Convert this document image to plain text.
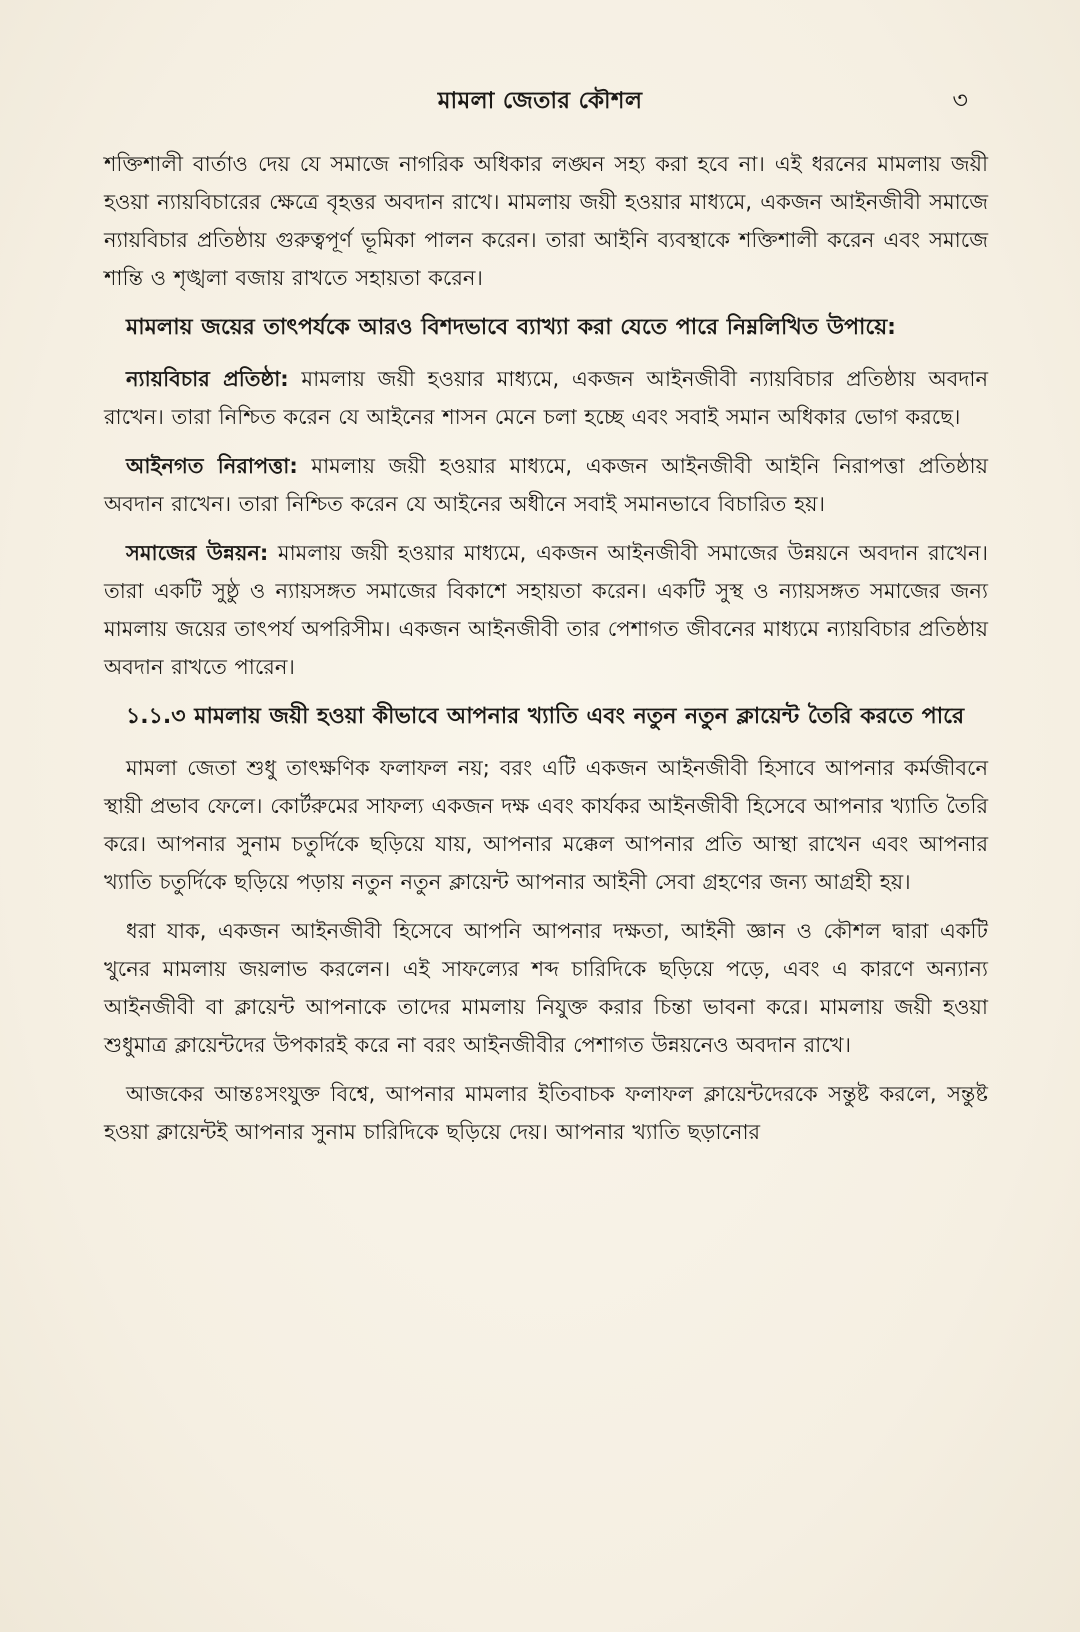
মামলা জেতার কৌশল	৩

শক্তিশালী বার্তাও দেয় যে সমাজে নাগরিক অধিকার লঙ্ঘন সহ্য করা হবে না। এই ধরনের মামলায় জয়ী হওয়া ন্যায়বিচারের ক্ষেত্রে বৃহত্তর অবদান রাখে। মামলায় জয়ী হওয়ার মাধ্যমে, একজন আইনজীবী সমাজে ন্যায়বিচার প্রতিষ্ঠায় গুরুত্বপূর্ণ ভূমিকা পালন করেন। তারা আইনি ব্যবস্থাকে শক্তিশালী করেন এবং সমাজে শান্তি ও শৃঙ্খলা বজায় রাখতে সহায়তা করেন।

মামলায় জয়ের তাৎপর্যকে আরও বিশদভাবে ব্যাখ্যা করা যেতে পারে নিম্নলিখিত উপায়ে:

ন্যায়বিচার প্রতিষ্ঠা: মামলায় জয়ী হওয়ার মাধ্যমে, একজন আইনজীবী ন্যায়বিচার প্রতিষ্ঠায় অবদান রাখেন। তারা নিশ্চিত করেন যে আইনের শাসন মেনে চলা হচ্ছে এবং সবাই সমান অধিকার ভোগ করছে।

আইনগত নিরাপত্তা: মামলায় জয়ী হওয়ার মাধ্যমে, একজন আইনজীবী আইনি নিরাপত্তা প্রতিষ্ঠায় অবদান রাখেন। তারা নিশ্চিত করেন যে আইনের অধীনে সবাই সমানভাবে বিচারিত হয়।

সমাজের উন্নয়ন: মামলায় জয়ী হওয়ার মাধ্যমে, একজন আইনজীবী সমাজের উন্নয়নে অবদান রাখেন। তারা একটি সুষ্ঠু ও ন্যায়সঙ্গত সমাজের বিকাশে সহায়তা করেন। একটি সুস্থ ও ন্যায়সঙ্গত সমাজের জন্য মামলায় জয়ের তাৎপর্য অপরিসীম। একজন আইনজীবী তার পেশাগত জীবনের মাধ্যমে ন্যায়বিচার প্রতিষ্ঠায় অবদান রাখতে পারেন।

১.১.৩ মামলায় জয়ী হওয়া কীভাবে আপনার খ্যাতি এবং নতুন নতুন ক্লায়েন্ট তৈরি করতে পারে

মামলা জেতা শুধু তাৎক্ষণিক ফলাফল নয়; বরং এটি একজন আইনজীবী হিসাবে আপনার কর্মজীবনে স্থায়ী প্রভাব ফেলে। কোর্টরুমের সাফল্য একজন দক্ষ এবং কার্যকর আইনজীবী হিসেবে আপনার খ্যাতি তৈরি করে। আপনার সুনাম চতুর্দিকে ছড়িয়ে যায়, আপনার মক্কেল আপনার প্রতি আস্থা রাখেন এবং আপনার খ্যাতি চতুর্দিকে ছড়িয়ে পড়ায় নতুন নতুন ক্লায়েন্ট আপনার আইনী সেবা গ্রহণের জন্য আগ্রহী হয়।

ধরা যাক, একজন আইনজীবী হিসেবে আপনি আপনার দক্ষতা, আইনী জ্ঞান ও কৌশল দ্বারা একটি খুনের মামলায় জয়লাভ করলেন। এই সাফল্যের শব্দ চারিদিকে ছড়িয়ে পড়ে, এবং এ কারণে অন্যান্য আইনজীবী বা ক্লায়েন্ট আপনাকে তাদের মামলায় নিযুক্ত করার চিন্তা ভাবনা করে। মামলায় জয়ী হওয়া শুধুমাত্র ক্লায়েন্টদের উপকারই করে না বরং আইনজীবীর পেশাগত উন্নয়নেও অবদান রাখে।

আজকের আন্তঃসংযুক্ত বিশ্বে, আপনার মামলার ইতিবাচক ফলাফল ক্লায়েন্টদেরকে সন্তুষ্ট করলে, সন্তুষ্ট হওয়া ক্লায়েন্টই আপনার সুনাম চারিদিকে ছড়িয়ে দেয়। আপনার খ্যাতি ছড়ানোর
